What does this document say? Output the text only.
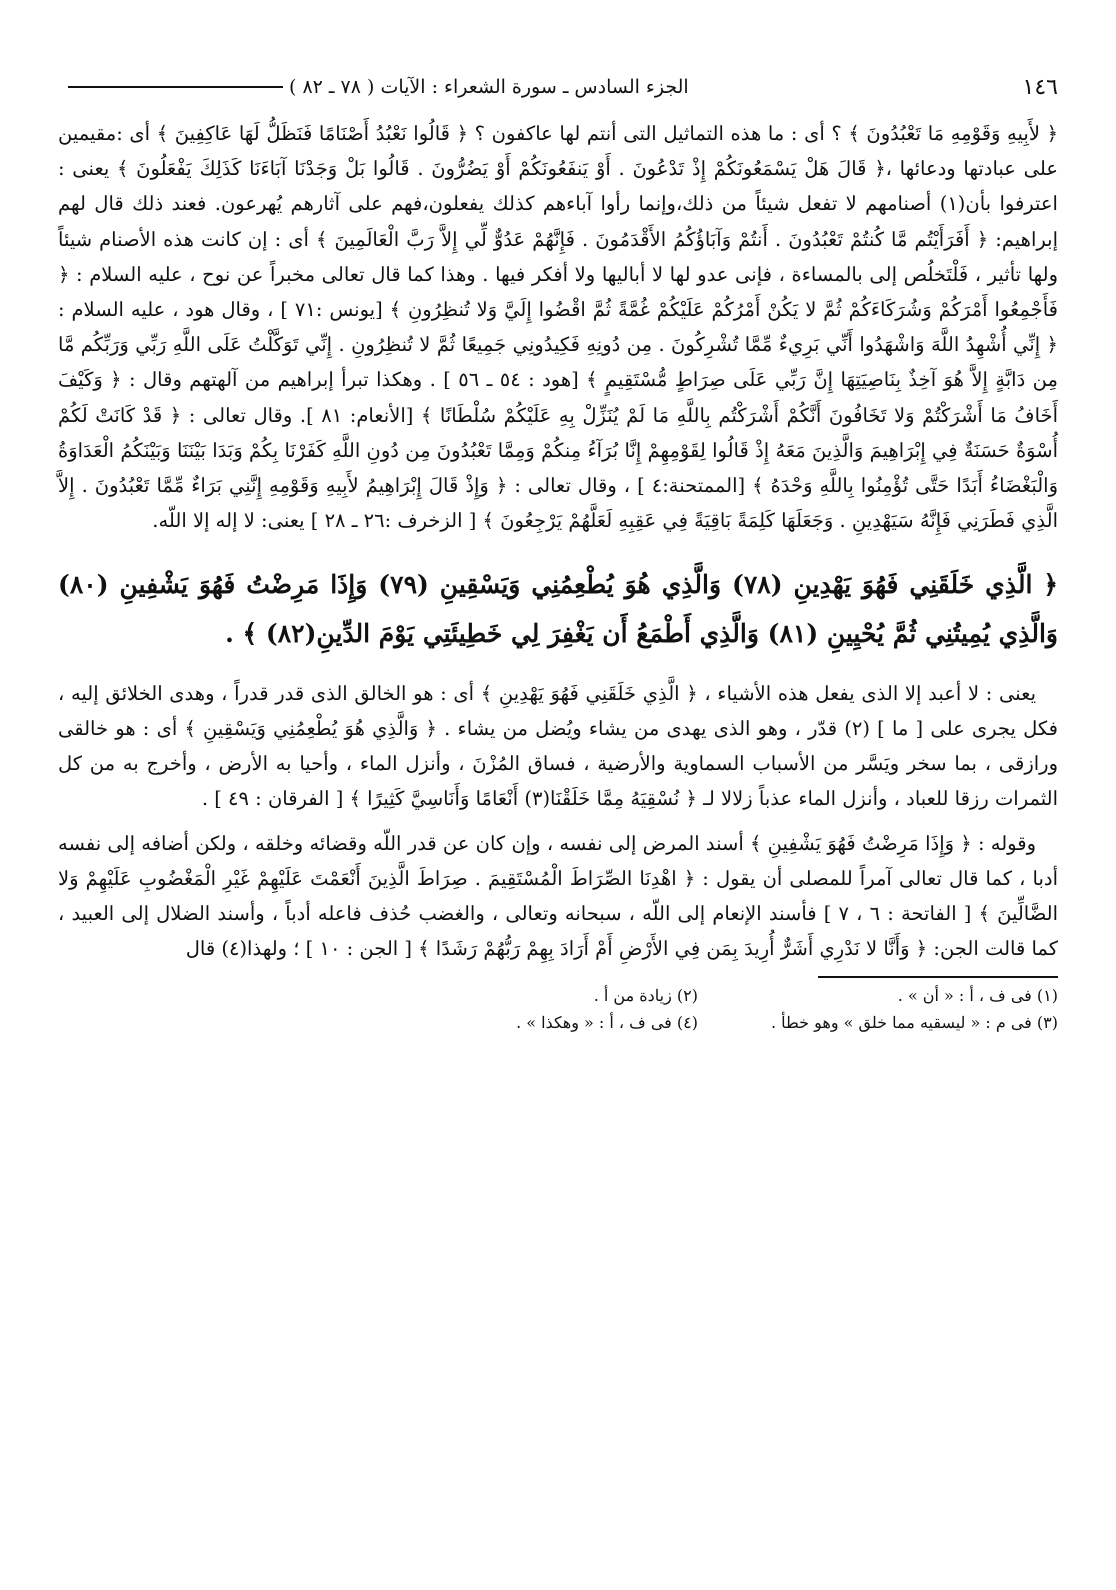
١٤٦
الجزء السادس ـ سورة الشعراء : الآيات ( ٧٨ ـ ٨٢ )
﴿ لأَبِيهِ وَقَوْمِهِ مَا تَعْبُدُونَ ﴾ ؟ أى : ما هذه التماثيل التى أنتم لها عاكفون ؟ ﴿ قَالُوا نَعْبُدُ أَصْنَامًا فَنَظَلُّ لَهَا عَاكِفِينَ ﴾ أى :مقيمين على عبادتها ودعائها ،﴿ قَالَ هَلْ يَسْمَعُونَكُمْ إِذْ تَدْعُونَ . أَوْ يَنفَعُونَكُمْ أَوْ يَضُرُّونَ . قَالُوا بَلْ وَجَدْنَا آبَاءَنَا كَذَلِكَ يَفْعَلُونَ ﴾ يعنى : اعترفوا بأن(١) أصنامهم لا تفعل شيئاً من ذلك،وإنما رأوا آباءهم كذلك يفعلون،فهم على آثارهم يُهرعون. فعند ذلك قال لهم إبراهيم: ﴿ أَفَرَأَيْتُم مَّا كُنتُمْ تَعْبُدُونَ . أَنتُمْ وَآبَاؤُكُمُ الأَقْدَمُونَ . فَإِنَّهُمْ عَدُوٌّ لِّي إِلاَّ رَبَّ الْعَالَمِينَ ﴾ أى : إن كانت هذه الأصنام شيئاً ولها تأثير ، فَلْتَخلُص إلى بالمساءة ، فإنى عدو لها لا أباليها ولا أفكر فيها . وهذا كما قال تعالى مخبراً عن نوح ، عليه السلام : ﴿ فَأَجْمِعُوا أَمْرَكُمْ وَشُرَكَاءَكُمْ ثُمَّ لا يَكُنْ أَمْرُكُمْ عَلَيْكُمْ غُمَّةً ثُمَّ اقْضُوا إِلَيَّ وَلا تُنظِرُونِ ﴾ [يونس :٧١ ] ، وقال هود ، عليه السلام : ﴿ إِنِّي أُشْهِدُ اللَّهَ وَاشْهَدُوا أَنِّي بَرِيءٌ مِّمَّا تُشْرِكُونَ . مِن دُونِهِ فَكِيدُونِي جَمِيعًا ثُمَّ لا تُنظِرُونِ . إِنِّي تَوَكَّلْتُ عَلَى اللَّهِ رَبِّي وَرَبِّكُم مَّا مِن دَابَّةٍ إِلاَّ هُوَ آخِذٌ بِنَاصِيَتِهَا إِنَّ رَبِّي عَلَى صِرَاطٍ مُّسْتَقِيمٍ ﴾ [هود : ٥٤ ـ ٥٦ ] . وهكذا تبرأ إبراهيم من آلهتهم وقال : ﴿ وَكَيْفَ أَخَافُ مَا أَشْرَكْتُمْ وَلا تَخَافُونَ أَنَّكُمْ أَشْرَكْتُم بِاللَّهِ مَا لَمْ يُنَزِّلْ بِهِ عَلَيْكُمْ سُلْطَانًا ﴾ [الأنعام: ٨١ ]. وقال تعالى : ﴿ قَدْ كَانَتْ لَكُمْ أُسْوَةٌ حَسَنَةٌ فِي إِبْرَاهِيمَ وَالَّذِينَ مَعَهُ إِذْ قَالُوا لِقَوْمِهِمْ إِنَّا بُرَآءُ مِنكُمْ وَمِمَّا تَعْبُدُونَ مِن دُونِ اللَّهِ كَفَرْنَا بِكُمْ وَبَدَا بَيْنَنَا وَبَيْنَكُمُ الْعَدَاوَةُ وَالْبَغْضَاءُ أَبَدًا حَتَّى تُؤْمِنُوا بِاللَّهِ وَحْدَهُ ﴾ [الممتحنة:٤ ] ، وقال تعالى : ﴿ وَإِذْ قَالَ إِبْرَاهِيمُ لأَبِيهِ وَقَوْمِهِ إِنَّنِي بَرَاءٌ مِّمَّا تَعْبُدُونَ . إِلاَّ الَّذِي فَطَرَنِي فَإِنَّهُ سَيَهْدِينِ . وَجَعَلَهَا كَلِمَةً بَاقِيَةً فِي عَقِبِهِ لَعَلَّهُمْ يَرْجِعُونَ ﴾ [ الزخرف :٢٦ ـ ٢٨ ] يعنى: لا إله إلا اللّه.
﴿ الَّذِي خَلَقَنِي فَهُوَ يَهْدِينِ (٧٨) وَالَّذِي هُوَ يُطْعِمُنِي وَيَسْقِينِ (٧٩) وَإِذَا مَرِضْتُ فَهُوَ يَشْفِينِ (٨٠) وَالَّذِي يُمِيتُنِي ثُمَّ يُحْيِينِ (٨١) وَالَّذِي أَطْمَعُ أَن يَغْفِرَ لِي خَطِيئَتِي يَوْمَ الدِّينِ(٨٢) ﴾ .

يعنى : لا أعبد إلا الذى يفعل هذه الأشياء ، ﴿ الَّذِي خَلَقَنِي فَهُوَ يَهْدِينِ ﴾ أى : هو الخالق الذى قدر قدراً ، وهدى الخلائق إليه ، فكل يجرى على [ ما ] (٢) قدّر ، وهو الذى يهدى من يشاء ويُضل من يشاء . ﴿ وَالَّذِي هُوَ يُطْعِمُنِي وَيَسْقِينِ ﴾ أى : هو خالقى ورازقى ، بما سخر ويَسَّر من الأسباب السماوية والأرضية ، فساق المُزْنَ ، وأنزل الماء ، وأحيا به الأرض ، وأخرج به من كل الثمرات رزقا للعباد ، وأنزل الماء عذباً زلالا لـ ﴿ نُسْقِيَهُ مِمَّا خَلَقْنَا(٣) أَنْعَامًا وَأَنَاسِيَّ كَثِيرًا ﴾ [ الفرقان : ٤٩ ] .

وقوله : ﴿ وَإِذَا مَرِضْتُ فَهُوَ يَشْفِينِ ﴾ أسند المرض إلى نفسه ، وإن كان عن قدر اللّه وقضائه وخلقه ، ولكن أضافه إلى نفسه أدبا ، كما قال تعالى آمراً للمصلى أن يقول : ﴿ اهْدِنَا الصِّرَاطَ الْمُسْتَقِيمَ . صِرَاطَ الَّذِينَ أَنْعَمْتَ عَلَيْهِمْ غَيْرِ الْمَغْضُوبِ عَلَيْهِمْ وَلا الضَّالِّينَ ﴾ [ الفاتحة : ٦ ، ٧ ] فأسند الإنعام إلى اللّه ، سبحانه وتعالى ، والغضب حُذف فاعله أدباً ، وأسند الضلال إلى العبيد ، كما قالت الجن: ﴿ وَأَنَّا لا نَدْرِي أَشَرٌّ أُرِيدَ بِمَن فِي الأَرْضِ أَمْ أَرَادَ بِهِمْ رَبُّهُمْ رَشَدًا ﴾ [ الجن : ١٠ ] ؛ ولهذا(٤) قال

(١) فى ف ، أ : « أن » .
(٢) زيادة من أ .
(٣) فى م : « ليسقيه مما خلق » وهو خطأ .
(٤) فى ف ، أ : « وهكذا » .
